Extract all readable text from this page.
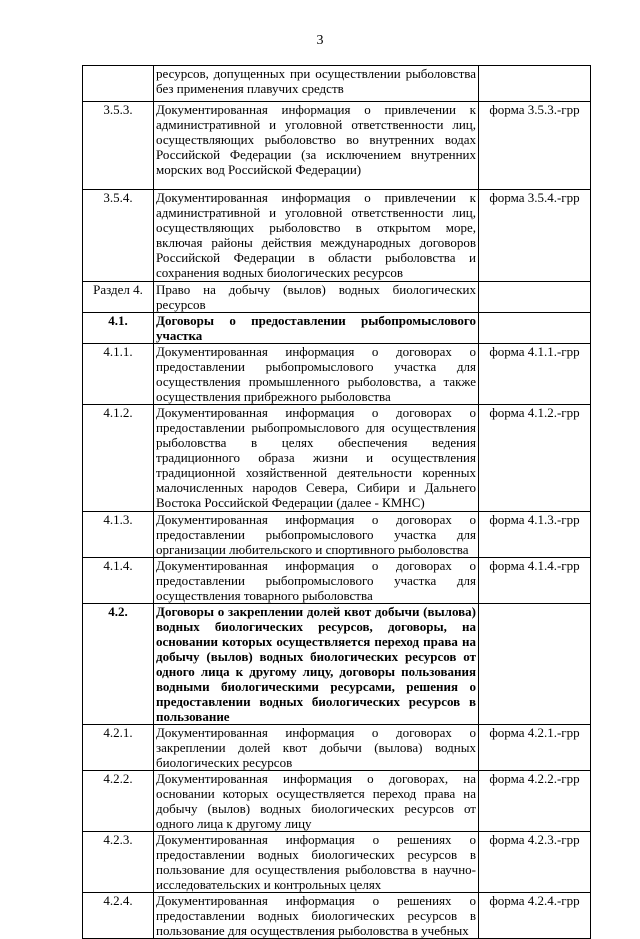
3
	ресурсов, допущенных при осуществлении рыболовства без применения плавучих средств	
3.5.3.	Документированная информация о привлечении к административной и уголовной ответственности лиц, осуществляющих рыболовство во внутренних водах Российской Федерации (за исключением внутренних морских вод Российской Федерации)	форма 3.5.3.-грр
3.5.4.	Документированная информация о привлечении к административной и уголовной ответственности лиц, осуществляющих рыболовство в открытом море, включая районы действия международных договоров Российской Федерации в области рыболовства и сохранения водных биологических ресурсов	форма 3.5.4.-грр
Раздел 4.	Право на добычу (вылов) водных биологических ресурсов	
4.1.	Договоры о предоставлении рыбопромыслового участка	
4.1.1.	Документированная информация о договорах о предоставлении рыбопромыслового участка для осуществления промышленного рыболовства, а также осуществления прибрежного рыболовства	форма 4.1.1.-грр
4.1.2.	Документированная информация о договорах о предоставлении рыбопромыслового для осуществления рыболовства в целях обеспечения ведения традиционного образа жизни и осуществления традиционной хозяйственной деятельности коренных малочисленных народов Севера, Сибири и Дальнего Востока Российской Федерации (далее - КМНС)	форма 4.1.2.-грр
4.1.3.	Документированная информация о договорах о предоставлении рыбопромыслового участка для организации любительского и спортивного рыболовства	форма 4.1.3.-грр
4.1.4.	Документированная информация о договорах о предоставлении рыбопромыслового участка для осуществления товарного рыболовства	форма 4.1.4.-грр
4.2.	Договоры о закреплении долей квот добычи (вылова) водных биологических ресурсов, договоры, на основании которых осуществляется переход права на добычу (вылов) водных биологических ресурсов от одного лица к другому лицу, договоры пользования водными биологическими ресурсами, решения о предоставлении водных биологических ресурсов в пользование	
4.2.1.	Документированная информация о договорах о закреплении долей квот добычи (вылова) водных биологических ресурсов	форма 4.2.1.-грр
4.2.2.	Документированная информация о договорах, на основании которых осуществляется переход права на добычу (вылов) водных биологических ресурсов от одного лица к другому лицу	форма 4.2.2.-грр
4.2.3.	Документированная информация о решениях о предоставлении водных биологических ресурсов в пользование для осуществления рыболовства в научно-исследовательских и контрольных целях	форма 4.2.3.-грр
4.2.4.	Документированная информация о решениях о предоставлении водных биологических ресурсов в пользование для осуществления рыболовства в учебных	форма 4.2.4.-грр
